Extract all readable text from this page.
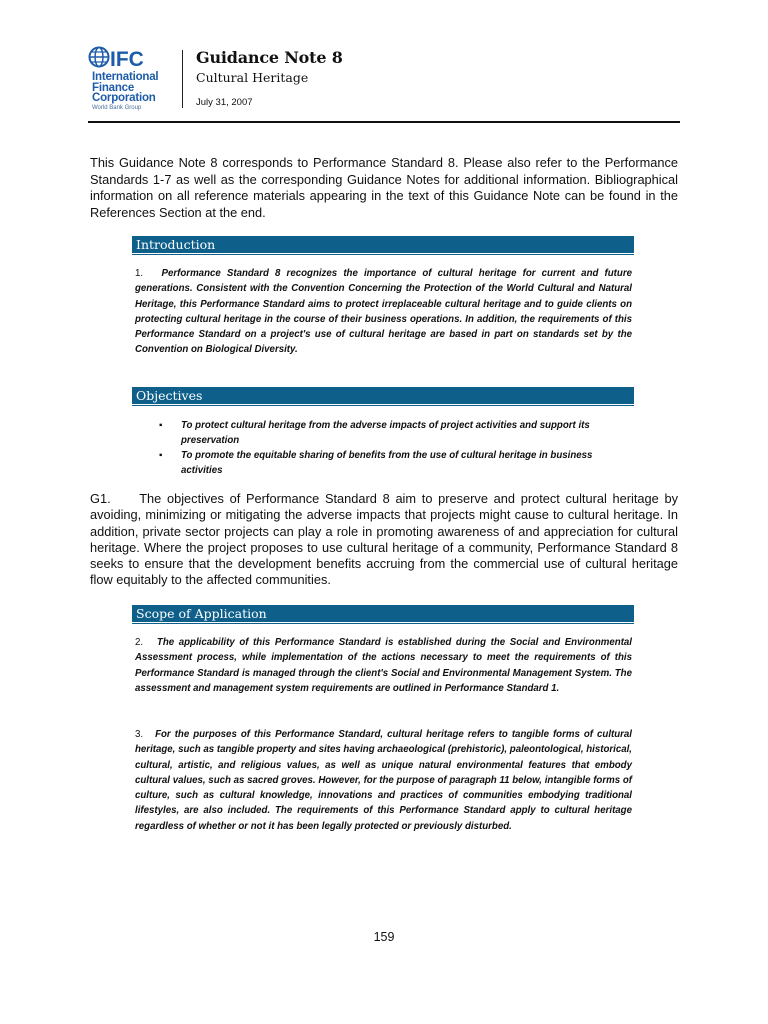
IFC
International
Finance
Corporation
World Bank Group
Guidance Note 8
Cultural Heritage
July 31, 2007

This Guidance Note 8 corresponds to Performance Standard 8. Please also refer to the Performance Standards 1-7 as well as the corresponding Guidance Notes for additional information. Bibliographical information on all reference materials appearing in the text of this Guidance Note can be found in the References Section at the end.

Introduction

1. Performance Standard 8 recognizes the importance of cultural heritage for current and future generations. Consistent with the Convention Concerning the Protection of the World Cultural and Natural Heritage, this Performance Standard aims to protect irreplaceable cultural heritage and to guide clients on protecting cultural heritage in the course of their business operations. In addition, the requirements of this Performance Standard on a project's use of cultural heritage are based in part on standards set by the Convention on Biological Diversity.

Objectives
▪ To protect cultural heritage from the adverse impacts of project activities and support its preservation
▪ To promote the equitable sharing of benefits from the use of cultural heritage in business activities

G1. The objectives of Performance Standard 8 aim to preserve and protect cultural heritage by avoiding, minimizing or mitigating the adverse impacts that projects might cause to cultural heritage. In addition, private sector projects can play a role in promoting awareness of and appreciation for cultural heritage. Where the project proposes to use cultural heritage of a community, Performance Standard 8 seeks to ensure that the development benefits accruing from the commercial use of cultural heritage flow equitably to the affected communities.

Scope of Application

2. The applicability of this Performance Standard is established during the Social and Environmental Assessment process, while implementation of the actions necessary to meet the requirements of this Performance Standard is managed through the client's Social and Environmental Management System. The assessment and management system requirements are outlined in Performance Standard 1.

3. For the purposes of this Performance Standard, cultural heritage refers to tangible forms of cultural heritage, such as tangible property and sites having archaeological (prehistoric), paleontological, historical, cultural, artistic, and religious values, as well as unique natural environmental features that embody cultural values, such as sacred groves. However, for the purpose of paragraph 11 below, intangible forms of culture, such as cultural knowledge, innovations and practices of communities embodying traditional lifestyles, are also included. The requirements of this Performance Standard apply to cultural heritage regardless of whether or not it has been legally protected or previously disturbed.

159
